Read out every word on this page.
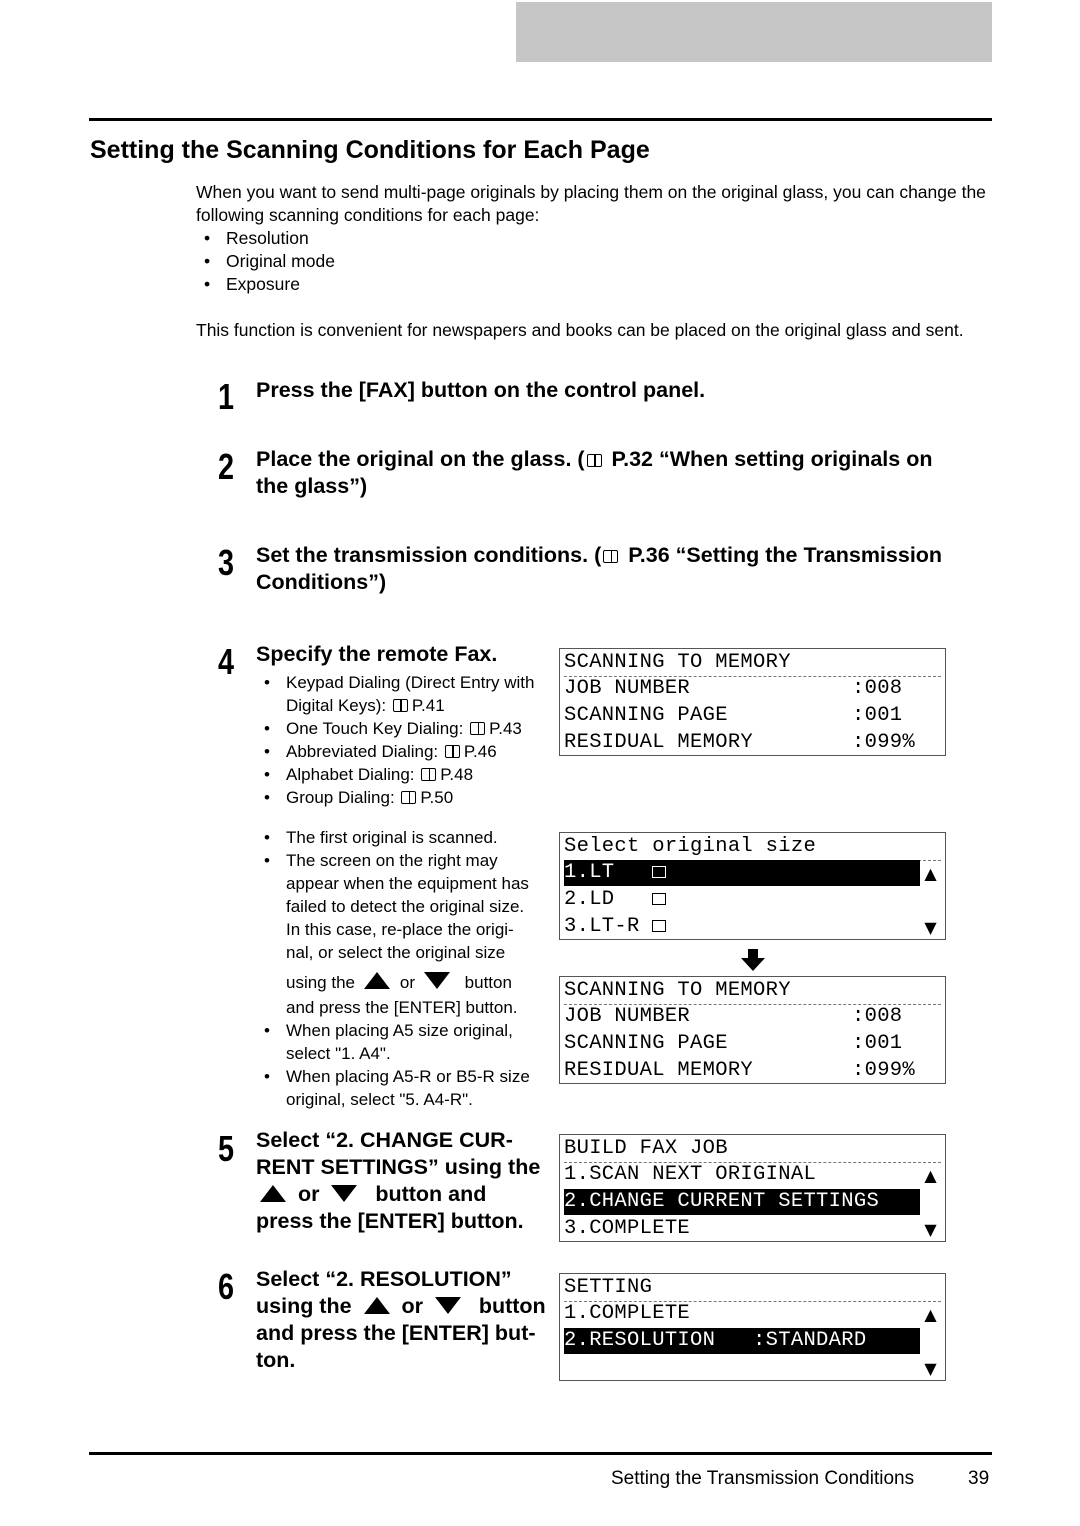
Setting the Scanning Conditions for Each Page
When you want to send multi-page originals by placing them on the original glass, you can change the following scanning conditions for each page:
• Resolution
• Original mode
• Exposure
This function is convenient for newspapers and books can be placed on the original glass and sent.
1 Press the [FAX] button on the control panel.
2 Place the original on the glass. ( P.32 “When setting originals on
the glass”)
3 Set the transmission conditions. ( P.36 “Setting the Transmission
Conditions”)
4 Specify the remote Fax.
• Keypad Dialing (Direct Entry with
Digital Keys): P.41
• One Touch Key Dialing: P.43
• Abbreviated Dialing: P.46
• Alphabet Dialing: P.48
• Group Dialing: P.50
• The first original is scanned.
• The screen on the right may
appear when the equipment has
failed to detect the original size.
In this case, re-place the origi-
nal, or select the original size
using the	or	button
and press the [ENTER] button.
• When placing A5 size original,
select "1. A4".
• When placing A5-R or B5-R size
original, select "5. A4-R".
5 Select “2. CHANGE CUR-
RENT SETTINGS” using the
or	button and
press the [ENTER] button.
6 Select “2. RESOLUTION”
using the or	button
and press the [ENTER] but-
ton.
SCANNING TO MEMORY
JOB NUMBER	:008
SCANNING PAGE	:001
RESIDUAL MEMORY	:099%
Select original size
1.LT	▲
2.LD
3.LT-R	▼
SCANNING TO MEMORY
JOB NUMBER	:008
SCANNING PAGE	:001
RESIDUAL MEMORY	:099%
BUILD FAX JOB
1.SCAN NEXT ORIGINAL	▲
2.CHANGE CURRENT SETTINGS
3.COMPLETE	▼
SETTING
1.COMPLETE	▲
2.RESOLUTION   :STANDARD
▼
Setting the Transmission Conditions	39
